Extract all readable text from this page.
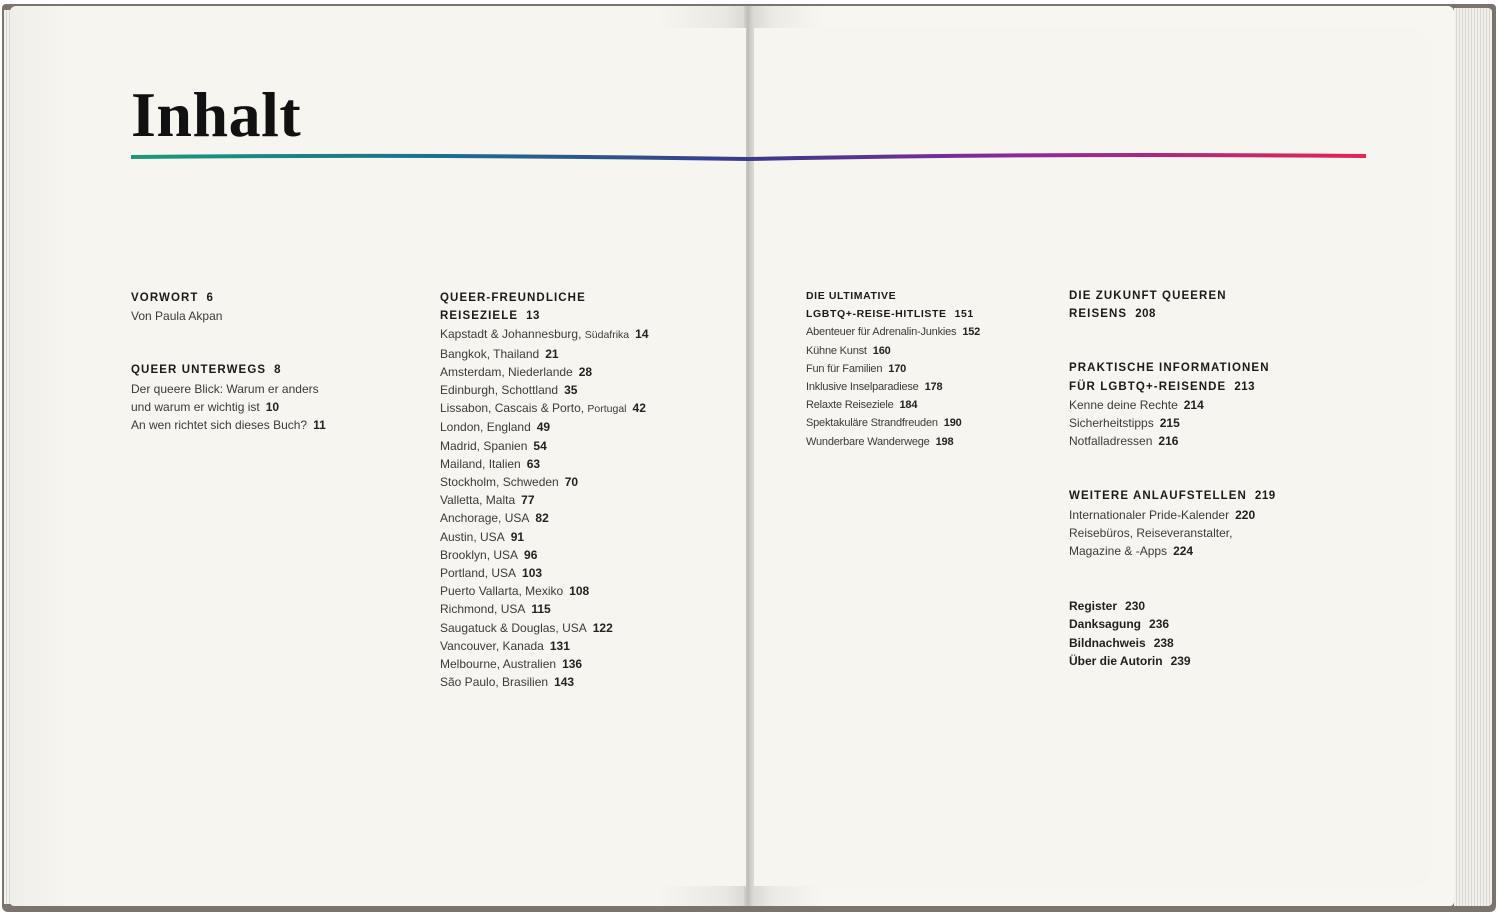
Inhalt
VORWORT 6
Von Paula Akpan
QUEER UNTERWEGS 8
Der queere Blick: Warum er anders
und warum er wichtig ist 10
An wen richtet sich dieses Buch? 11
QUEER-FREUNDLICHE
REISEZIELE 13
Kapstadt & Johannesburg, Südafrika 14
Bangkok, Thailand 21
Amsterdam, Niederlande 28
Edinburgh, Schottland 35
Lissabon, Cascais & Porto, Portugal 42
London, England 49
Madrid, Spanien 54
Mailand, Italien 63
Stockholm, Schweden 70
Valletta, Malta 77
Anchorage, USA 82
Austin, USA 91
Brooklyn, USA 96
Portland, USA 103
Puerto Vallarta, Mexiko 108
Richmond, USA 115
Saugatuck & Douglas, USA 122
Vancouver, Kanada 131
Melbourne, Australien 136
São Paulo, Brasilien 143
DIE ULTIMATIVE
LGBTQ+-REISE-HITLISTE 151
Abenteuer für Adrenalin-Junkies 152
Kühne Kunst 160
Fun für Familien 170
Inklusive Inselparadiese 178
Relaxte Reiseziele 184
Spektakuläre Strandfreuden 190
Wunderbare Wanderwege 198
DIE ZUKUNFT QUEEREN
REISENS 208
PRAKTISCHE INFORMATIONEN
FÜR LGBTQ+-REISENDE 213
Kenne deine Rechte 214
Sicherheitstipps 215
Notfalladressen 216
WEITERE ANLAUFSTELLEN 219
Internationaler Pride-Kalender 220
Reisebüros, Reiseveranstalter,
Magazine & -Apps 224
Register 230
Danksagung 236
Bildnachweis 238
Über die Autorin 239
